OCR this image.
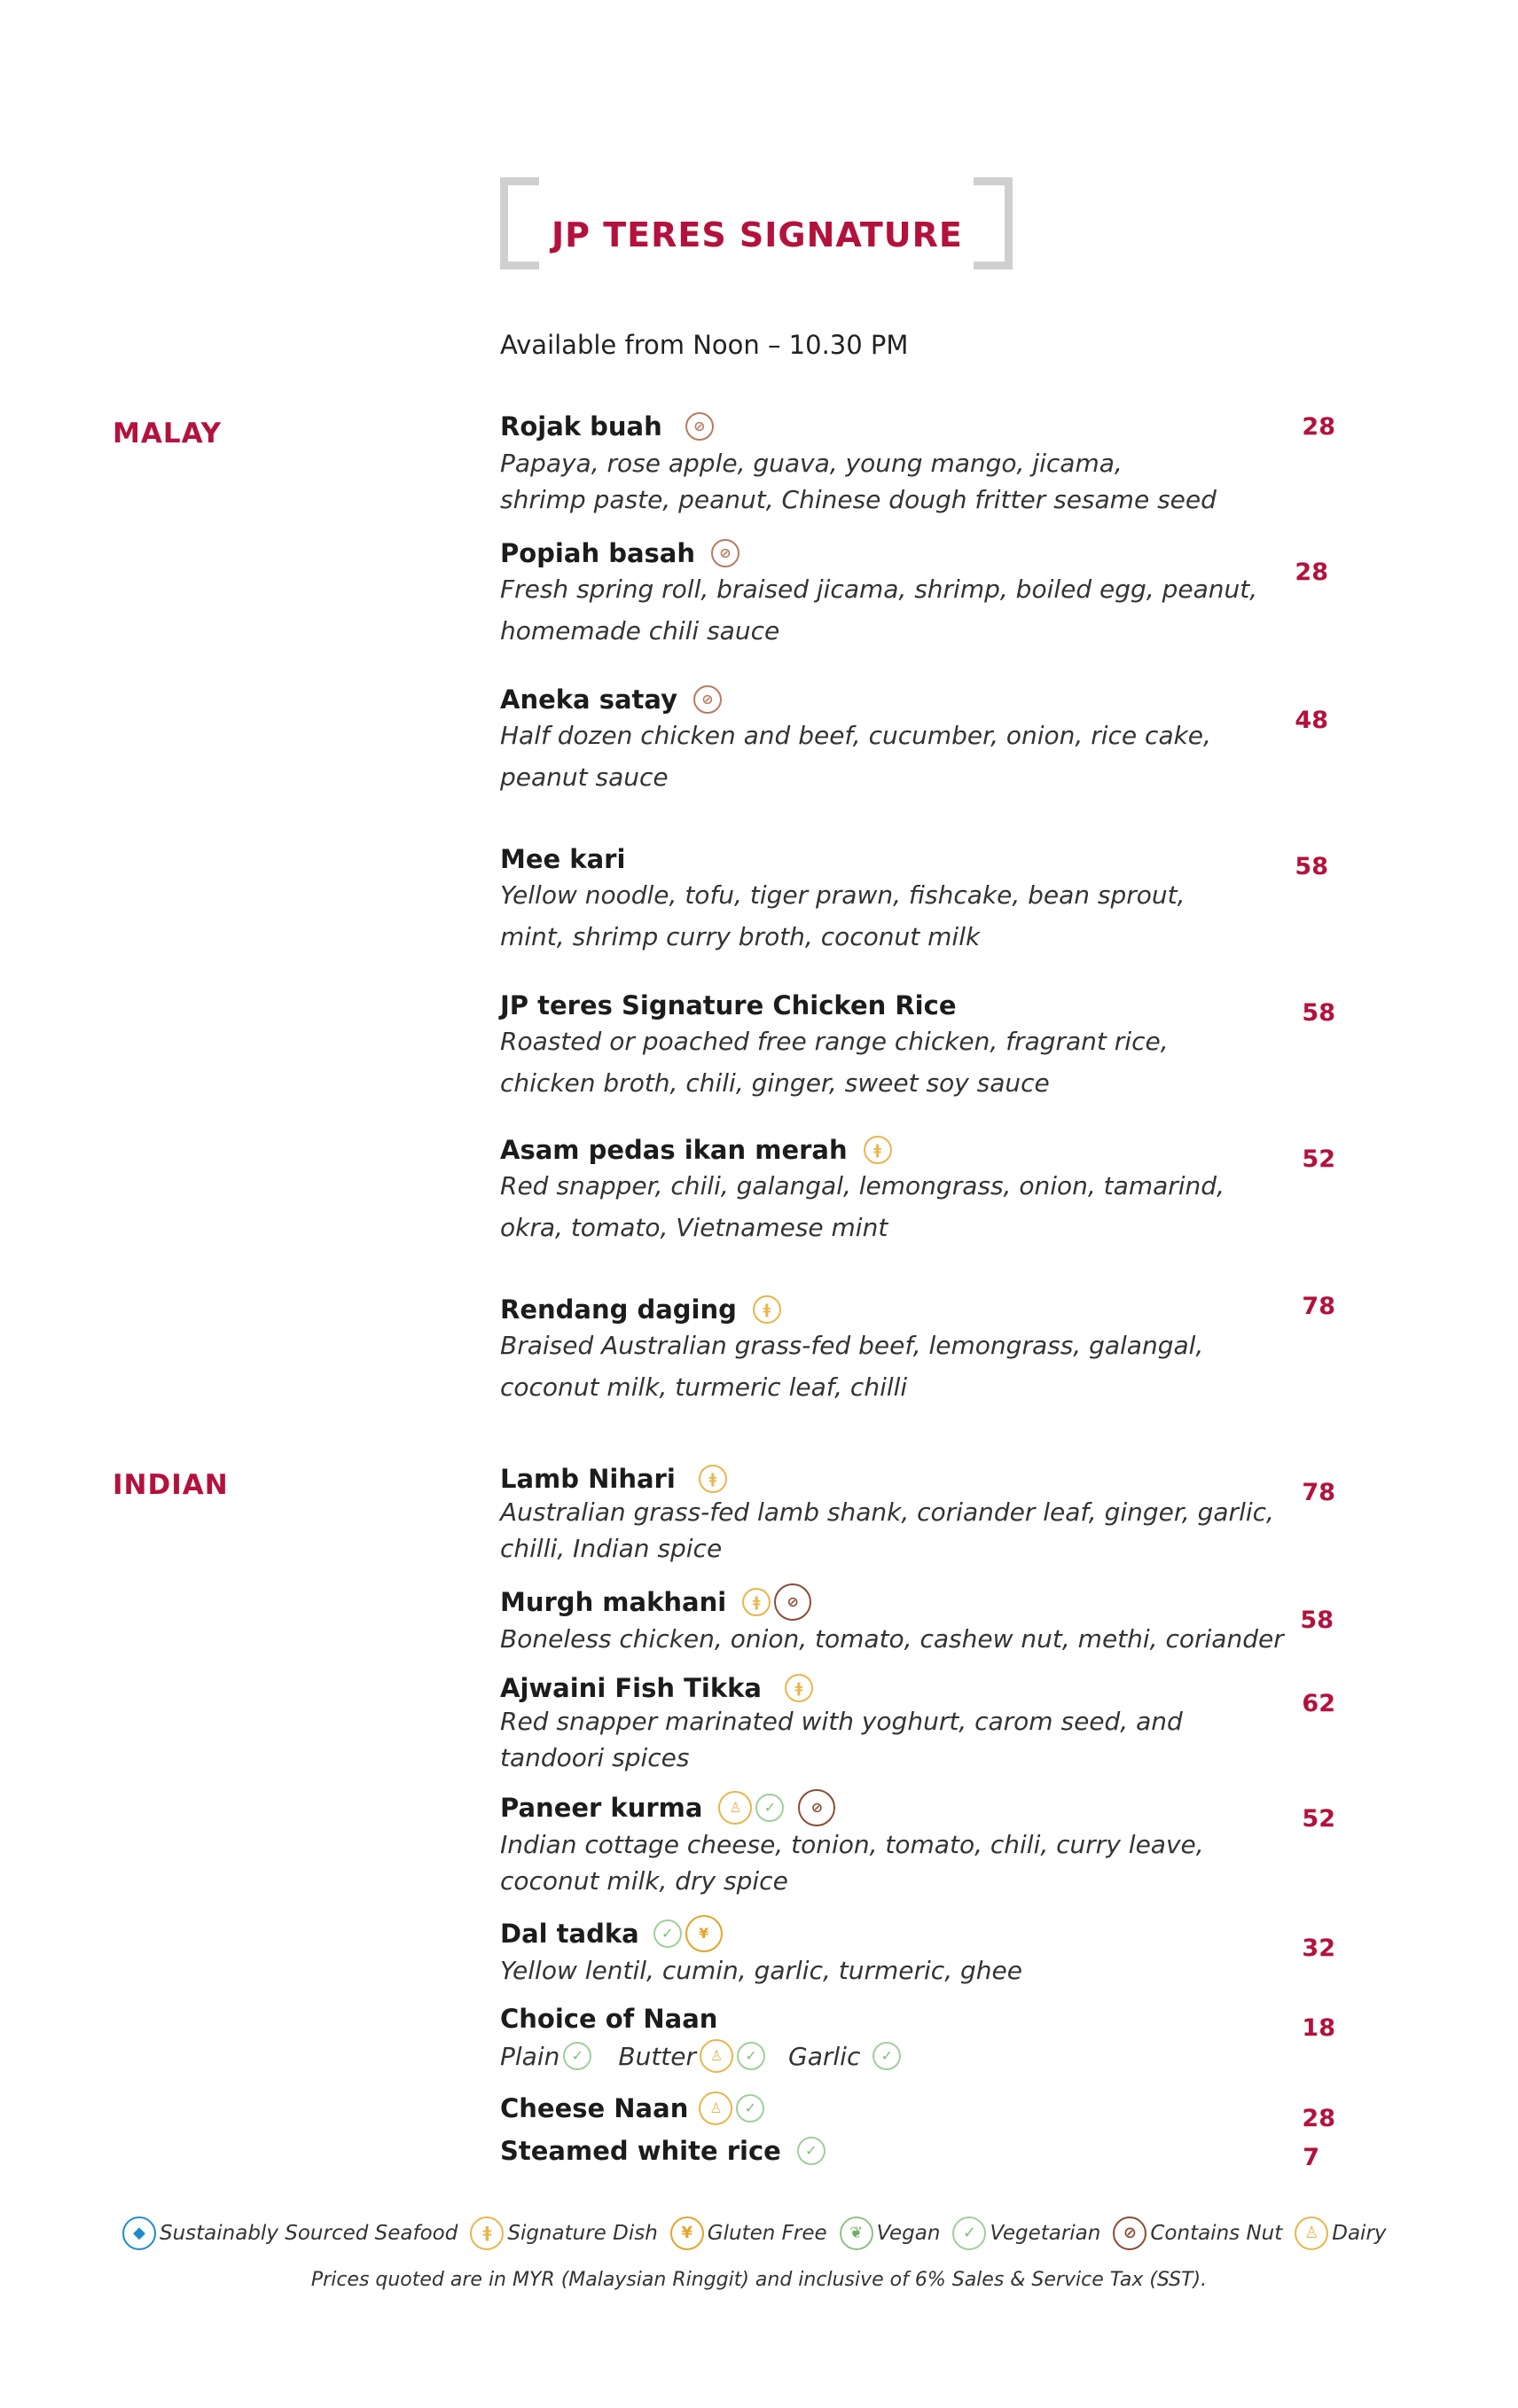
JP TERES SIGNATURE
Available from Noon – 10.30 PM
MALAY
INDIAN
Rojak buah	⊘
Papaya, rose apple, guava, young mango, jicama,
shrimp paste, peanut, Chinese dough fritter sesame seed
28
Popiah basah	⊘
Fresh spring roll, braised jicama, shrimp, boiled egg, peanut,
homemade chili sauce
28
Aneka satay	⊘
Half dozen chicken and beef, cucumber, onion, rice cake,
peanut sauce
48
Mee kari
Yellow noodle, tofu, tiger prawn, fishcake, bean sprout,
mint, shrimp curry broth, coconut milk
58
JP teres Signature Chicken Rice
Roasted or poached free range chicken, fragrant rice,
chicken broth, chili, ginger, sweet soy sauce
58
Asam pedas ikan merah	ǂ
Red snapper, chili, galangal, lemongrass, onion, tamarind,
okra, tomato, Vietnamese mint
52
Rendang daging	ǂ
Braised Australian grass-fed beef, lemongrass, galangal,
coconut milk, turmeric leaf, chilli
78
Lamb Nihari	ǂ
Australian grass-fed lamb shank, coriander leaf, ginger, garlic,
chilli, Indian spice
78
Murgh makhani	ǂ	⊘
Boneless chicken, onion, tomato, cashew nut, methi, coriander
58
Ajwaini Fish Tikka	ǂ
Red snapper marinated with yoghurt, carom seed, and
tandoori spices
62
Paneer kurma	♙	✓	⊘
Indian cottage cheese, tonion, tomato, chili, curry leave,
coconut milk, dry spice
52
Dal tadka	✓	¥
Yellow lentil, cumin, garlic, turmeric, ghee
32
Choice of Naan
Plain ✓	Butter ♙	✓	Garlic	✓
18
Cheese Naan	♙	✓	28
Steamed white rice	✓	7
◆ Sustainably Sourced Seafood	ǂ Signature Dish	¥ Gluten Free	❦ Vegan	✓ Vegetarian	⊘ Contains Nut	♙ Dairy
Prices quoted are in MYR (Malaysian Ringgit) and inclusive of 6% Sales & Service Tax (SST).
